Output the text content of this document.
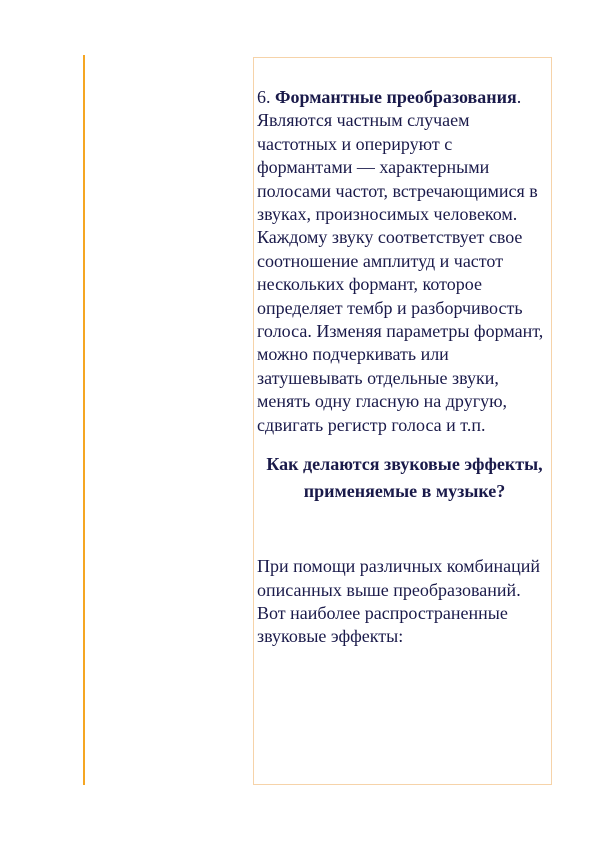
6. Формантные преобразования.
Являются частным случаем частотных и оперируют с формантами — характерными полосами частот, встречающимися в звуках, произносимых человеком. Каждому звуку соответствует свое соотношение амплитуд и частот нескольких формант, которое определяет тембр и разборчивость голоса. Изменяя параметры формант, можно подчеркивать или затушевывать отдельные звуки, менять одну гласную на другую, сдвигать регистр голоса и т.п.

Как делаются звуковые эффекты, применяемые в музыке?

При помощи различных комбинаций описанных выше преобразований. Вот наиболее распространенные звуковые эффекты:
